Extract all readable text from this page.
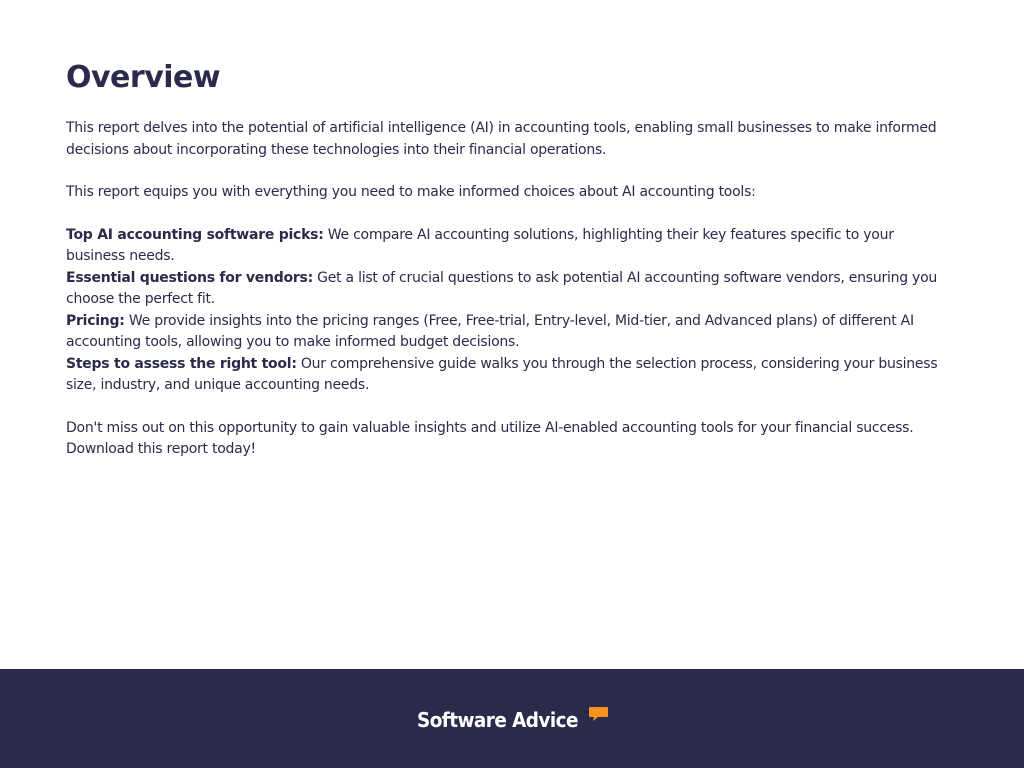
Overview

This report delves into the potential of artificial intelligence (AI) in accounting tools, enabling small businesses to make informed decisions about incorporating these technologies into their financial operations.

This report equips you with everything you need to make informed choices about AI accounting tools:

Top AI accounting software picks: We compare AI accounting solutions, highlighting their key features specific to your business needs.

Essential questions for vendors: Get a list of crucial questions to ask potential AI accounting software vendors, ensuring you choose the perfect fit.

Pricing: We provide insights into the pricing ranges (Free, Free-trial, Entry-level, Mid-tier, and Advanced plans) of different AI accounting tools, allowing you to make informed budget decisions.

Steps to assess the right tool: Our comprehensive guide walks you through the selection process, considering your business size, industry, and unique accounting needs.

Don't miss out on this opportunity to gain valuable insights and utilize AI-enabled accounting tools for your financial success.
Download this report today!

Software Advice
